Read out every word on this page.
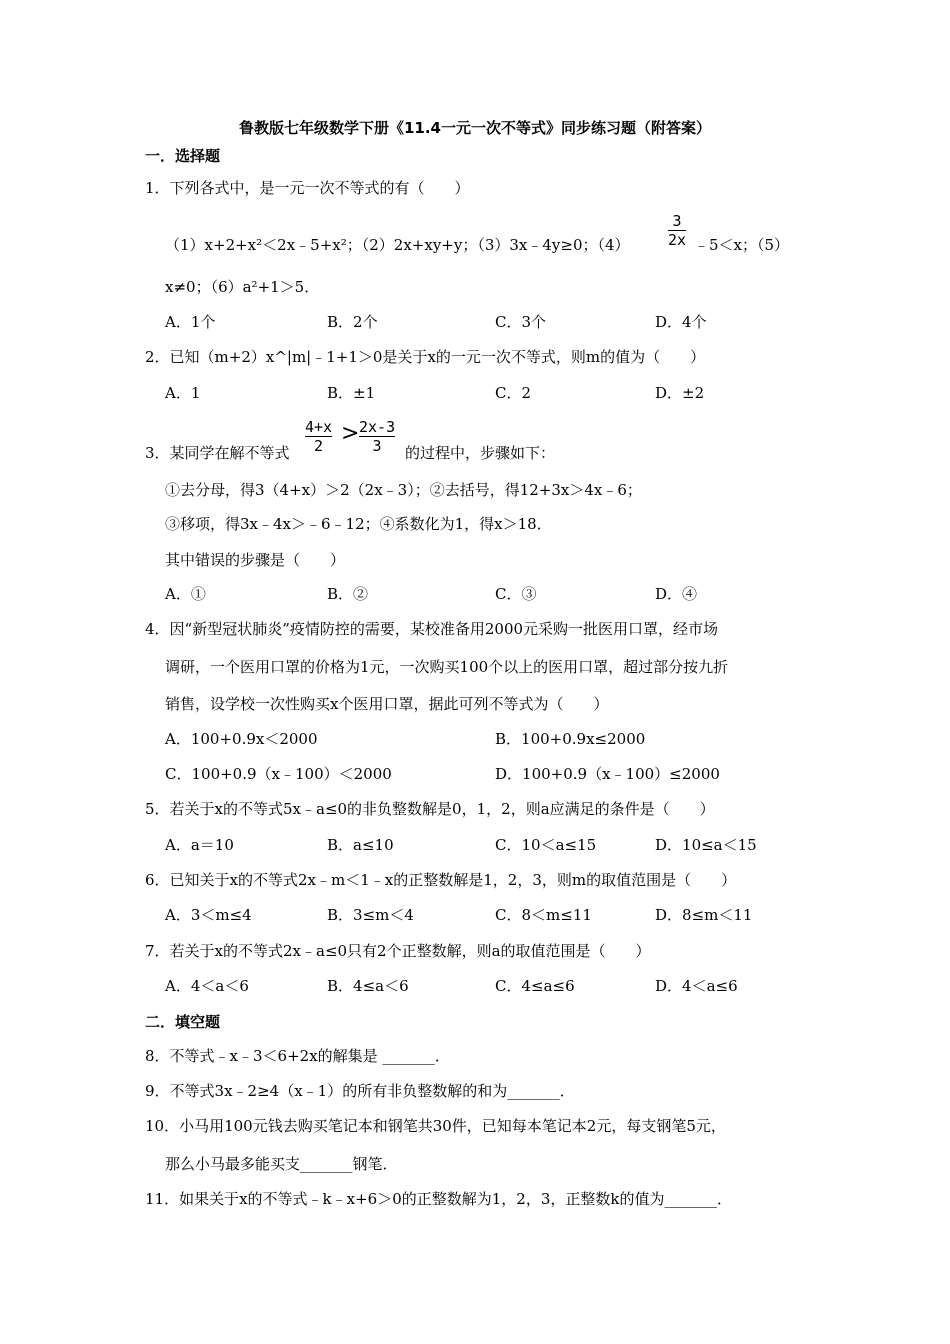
鲁教版七年级数学下册《11.4一元一次不等式》同步练习题（附答案）
一．选择题
1．下列各式中，是一元一次不等式的有（　　）
（1）x+2+x²＜2x﹣5+x²；（2）2x+xy+y；（3）3x﹣4y≥0；（4）
3
2x ﹣5＜x；（5）
x≠0；（6）a²+1＞5．
A．1个	B．2个	C．3个	D．4个
2．已知（m+2）x^|m|﹣1+1＞0是关于x的一元一次不等式，则m的值为（　　）
A．1	B．±1	C．2	D．±2
3．某同学在解不等式
4+x
2 > 2x-3
3	的过程中，步骤如下：
①去分母，得3（4+x）＞2（2x﹣3）；②去括号，得12+3x＞4x﹣6；
③移项，得3x﹣4x＞﹣6﹣12；④系数化为1，得x＞18．
其中错误的步骤是（　　）
A．①	B．②	C．③	D．④
4．因“新型冠状肺炎”疫情防控的需要，某校准备用2000元采购一批医用口罩，经市场
调研，一个医用口罩的价格为1元，一次购买100个以上的医用口罩，超过部分按九折
销售，设学校一次性购买x个医用口罩，据此可列不等式为（　　）
A．100+0.9x＜2000	B．100+0.9x≤2000
C．100+0.9（x﹣100）＜2000	D．100+0.9（x﹣100）≤2000
5．若关于x的不等式5x﹣a≤0的非负整数解是0，1，2，则a应满足的条件是（　　）
A．a＝10	B．a≤10	C．10＜a≤15	D．10≤a＜15
6．已知关于x的不等式2x﹣m＜1﹣x的正整数解是1，2，3，则m的取值范围是（　　）
A．3＜m≤4	B．3≤m＜4	C．8＜m≤11	D．8≤m＜11
7．若关于x的不等式2x﹣a≤0只有2个正整数解，则a的取值范围是（　　）
A．4＜a＜6	B．4≤a＜6	C．4≤a≤6	D．4＜a≤6
二．填空题
8．不等式﹣x﹣3＜6+2x的解集是 _______．
9．不等式3x﹣2≥4（x﹣1）的所有非负整数解的和为_______．
10．小马用100元钱去购买笔记本和钢笔共30件，已知每本笔记本2元，每支钢笔5元，
那么小马最多能买支_______钢笔．
11．如果关于x的不等式﹣k﹣x+6＞0的正整数解为1，2，3，正整数k的值为_______．
